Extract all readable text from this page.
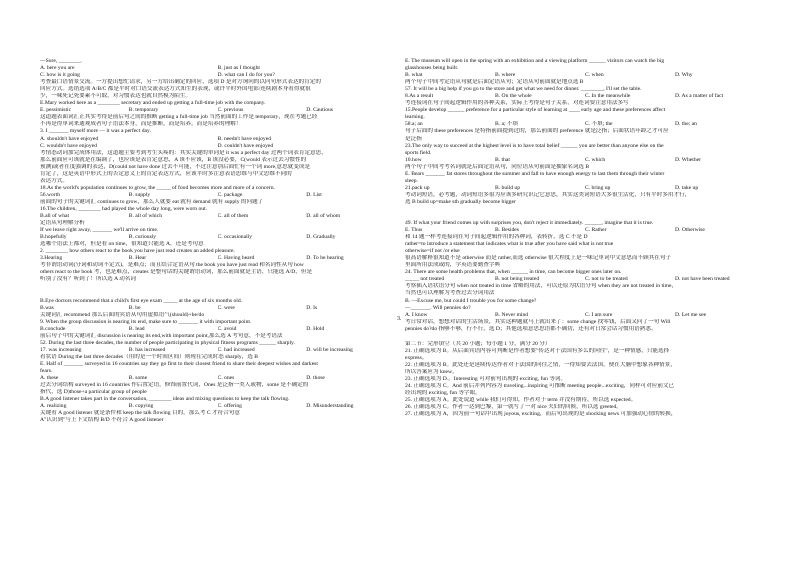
—Sure, ________.
A. here you are	B. just as I thought
C. how is it going	D. what can I do for you?
考查最口语情景交流。一方提出想忙请求，另一方给出确定的回应，选项 D 是对方询问的以问句形式表达的肯定的
回应方式。选错选项 A/B/C 都是平时对口语交流表达方式知生的表现，或许平时外国电影/连续剧本身看得就很
少，一味死记死要素不可取，对习惯表达也就自然模为陌生。
E.Mary worked here as a ________ secretary and ended up getting a full-time job with the company.
E. pessimistic	B. temporary	C. previous	D. Cautious
这道题表面词汇正其实考得是前后句之间的推断 getting a full-time job 当然前面的工作是 temporary，现在考题已经
不再是得单词来通观成者句子语法本身，而是推断，而是培养。而是培养的理解！
3. I _______ myself more — it was a perfect day.
A. shouldn't have enjoyed	B. needn't have enjoyed
C. wouldn't have enjoyed	D. couldn't have enjoyed
考情态动词加完成体用法，这道题主要考到考生头疼的：其实关键的单词是 it was a perfect day 过两个词表肯定意思，
那么前面应可该就是在编调了，也应该是表肯定意思，A 该不应该，B 该没必要，C(would 表示过去习惯性的
预测)或者在度强调的表达，D(could not have done 过去不可能，不过注意别后面忙有一个词 more,意思就变成是
肯定了，这是英语中形式上的否定意义上的肯定表达方式，应该平时多注意表语思维与中文思维不同的
表达方式。
18.As the world's population continues to grow, the _____ of food becomes more and more of a concern.
56.worth	B. supply	C. package	D. List
前面的句子的关键词汇 continues to grow，那么人就要 eat 就有 demand 就有 supply 的问题了
16.The children, ________ had played the whole day long, were worn out.
B.all of what	B. all of which	C. all of them	D. all of whom
定语从句理解分析
If we leave right away, _______ we'll arrive on time.
B.hopefully	B. curiously	C. occasionally	D. Gradually
选哪个语法上都对，但是看 on time，很知道只能选 A，还是考句意
2. ________ how others react to the book you have just read creates an added pleasure.
3.Hearing	B. Hear	C. Having heard	D. To be hearing
考非谓语动词(分词和动词不定式)，是难点；而且结合定语从句 the book you have just read 和名词性从句 how
others react to the book 考，也是难点，creates 是整句话的关键谓语动词，那么前面就是主语，只能选 A/D，但是
听别了没有？听到了！所以选 A 动名词
B.Eye doctors recommend that a child's first eye exam _____ at the age of six months old.
B.was	B. be	C. were	D. Is
关键词汇 recommend 那么后面的宾语从句用虚拟语气(should)+be/do
9. When the group discussion is nearing its end, make sure to _______ it with important point.
B.conclude	B. lead	C. avoid	D. Hold
前后句子中的关键词汇 discussion is nearing its end,with important point,那么选 A 考句意，不是考语法
52. During the last three decades, the number of people participating in physical fitness programs ______ sharply.
17. was increasing	B. has increased	C. had increased	D. will be increasing
看状语 During the last three decades（用的是一个时间区间）则现在完成时态 sharply，选 B
E. Half of _______ surveyed in 16 countries say they go first to their closest friend to share their deepest wishes and darkest
fears.
A. these	B. some	C. ones	D. those
过去分词结构 surveyed in 16 countries 作后置定语，修饰前置代词，Ones 是泛指一类人或物，some 是不确定的
指代，选 D)those+a particular group of people
B.A good listener takes part in the conversation, ________ ideas and mixing questions to keep the talk flowing.
A. realizing	B. copying	C. offering	D. Misunderstanding
关键看 A good listener 就是条件和 keep the talk flowing 目的，那么考 C 才符合句意
A"认识到"与上下文结构 B/D 不符合 A good listener
E. The museum will open in the spring with an exhibition and a viewing platform ______ visitors can watch the big
glasshouses being built.
B. what	B. where	C. when	D. Why
两个句子中间考定语从句就是后面定语从句；定语从句前面就是地点选 B
57. It will be a big help if you go to the store and get what we need for dinner. ________, I'll set the table.
8.As a result	B. On the whole	C. In the meanwhile	D. As a matter of fact
考连接词在句子间起逻辑作用的各种关系，实际上考得是句子关系，对连词要注意用法多写
15.People develop ______ preference for a particular style of learning at ____ early age and these preferences affect
learning.
58.a; an	B. a; 不填	C. 不填; the	D. the; an
句子后面的 these preferences 是特指前面提到过的，那么前面的 preference 就是泛指；后面状语年龄之才可应
是泛指
23.The only way to succeed at the highest level is to have total belief ______ you are better than anyone else on the
sports field.
10.how	B. that	C. which	D. Whether
两个句子中间考考名词就是后面定语从句，同位语从句前面是抽象名词选 B
E. Bears _______ fat stores throughout the summer and fall to have enough energy to last them through their winter
sleep.
21.pack up	B. build up	C. bring up	D. take up
考动词短语，必考题，动词短语多很为应该多研究识记它意思，其实这类词短语大多很生活化，只有平时多用才行，
选 B build up=make sth gradually become bigger
49. If what your friend comes up with surprises you, don't reject it immediately. ______, imagine that it is true.
E. Thus	B. Besides	C. Rather	D. Otherwise
和 14 题一样考连接词在句子间起逻辑作用的各种词，表转折，选 C 不是 D
rather=to introduce a statement that indicates what is true after you have said what is not true
otherwise=if not /or else
很高语解释很知道不是 otherwise 而是 rather,而选 otherwise 很大程度上是一味记单词中文意思而不顾其在句子
里面所用法成或的，学英语要勤查字典
24. There are some health problems that, when ______ in time, can become bigger ones later on.
_____ not treated	B. not being treated	C. not to be treated	D. not have been treated
考察插入语状语分句 when not treated in time 省略的用法，可以还原为状语分句 when they are not treated in time，
当然也可以理解为考查过去分词用法
B. —Excuse me, but could I trouble you for some change?
—_______. Will pennies do?
A. I know	B. Never mind	C. I am sure	D. Let me see
考日常对话，想想对话的生活场景，其实这种题就马上就出来了：some change 找零钱，后面又问了一句 Will
pennies do?do 指够不够，行不行，选 D；其他选项意思思语都不确切，还有对日常会话习惯用语熟悉。
第二节：完形填空（共 20 小题；每小题 1 分，满分 20 分）
21. 正确选项为 B。从后面宾语内容可判断是作者想要"传达对于法国有多么的向往"，是一种情感，只能选择
express。
22. 正确选项为 B。此处还是延续传达作者对于法国的向往之情，一得知要去法国，便在大脑中想象各种情景，
所以答案应为 knew。
23. 正确选项为 D.。Interesting 可对前句出现的 exciting, fun 等词。
24. 正确选项为 C。And 前后并列内容为 traveling...inspiring 可推断 meeting people...exciting，同样可对应前文已
经出现的 exciting, fun 等字眼。
25. 正确选项为 A。此处说道 while 我们可得知，作者对于 term 并没有期待，所以选 expected。
26. 正确选项为 C。作者一达到巴黎，第一就写了一对 nice 夫妇的回候，所以选 greeted。
27. 正确选项为 A，因为前一句话中出现 joyous, exciting，而后句出现的是 shocking news 可加强动心情的转换，
3.
